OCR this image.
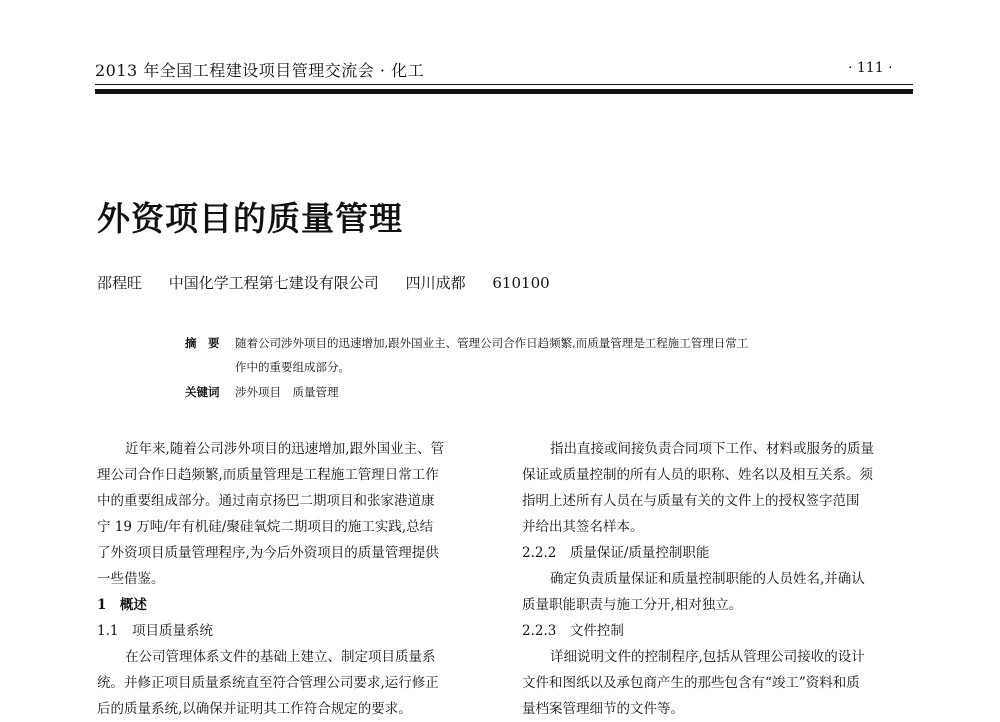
2013 年全国工程建设项目管理交流会 · 化工	· 111 ·
外资项目的质量管理
邵程旺 中国化学工程第七建设有限公司 四川成都 610100
摘　要 随着公司涉外项目的迅速增加,跟外国业主、管理公司合作日趋频繁,而质量管理是工程施工管理日常工
作中的重要组成部分。
关键词 涉外项目　质量管理
近年来,随着公司涉外项目的迅速增加,跟外国业主、管
理公司合作日趋频繁,而质量管理是工程施工管理日常工作
中的重要组成部分。通过南京扬巴二期项目和张家港道康
宁 19 万吨/年有机硅/聚硅氧烷二期项目的施工实践,总结
了外资项目质量管理程序,为今后外资项目的质量管理提供
一些借鉴。
1　概述
1.1　项目质量系统
在公司管理体系文件的基础上建立、制定项目质量系
统。并修正项目质量系统直至符合管理公司要求,运行修正
后的质量系统,以确保并证明其工作符合规定的要求。
指出直接或间接负责合同项下工作、材料或服务的质量
保证或质量控制的所有人员的职称、姓名以及相互关系。须
指明上述所有人员在与质量有关的文件上的授权签字范围
并给出其签名样本。
2.2.2　质量保证/质量控制职能
确定负责质量保证和质量控制职能的人员姓名,并确认
质量职能职责与施工分开,相对独立。
2.2.3　文件控制
详细说明文件的控制程序,包括从管理公司接收的设计
文件和图纸以及承包商产生的那些包含有“竣工”资料和质
量档案管理细节的文件等。
